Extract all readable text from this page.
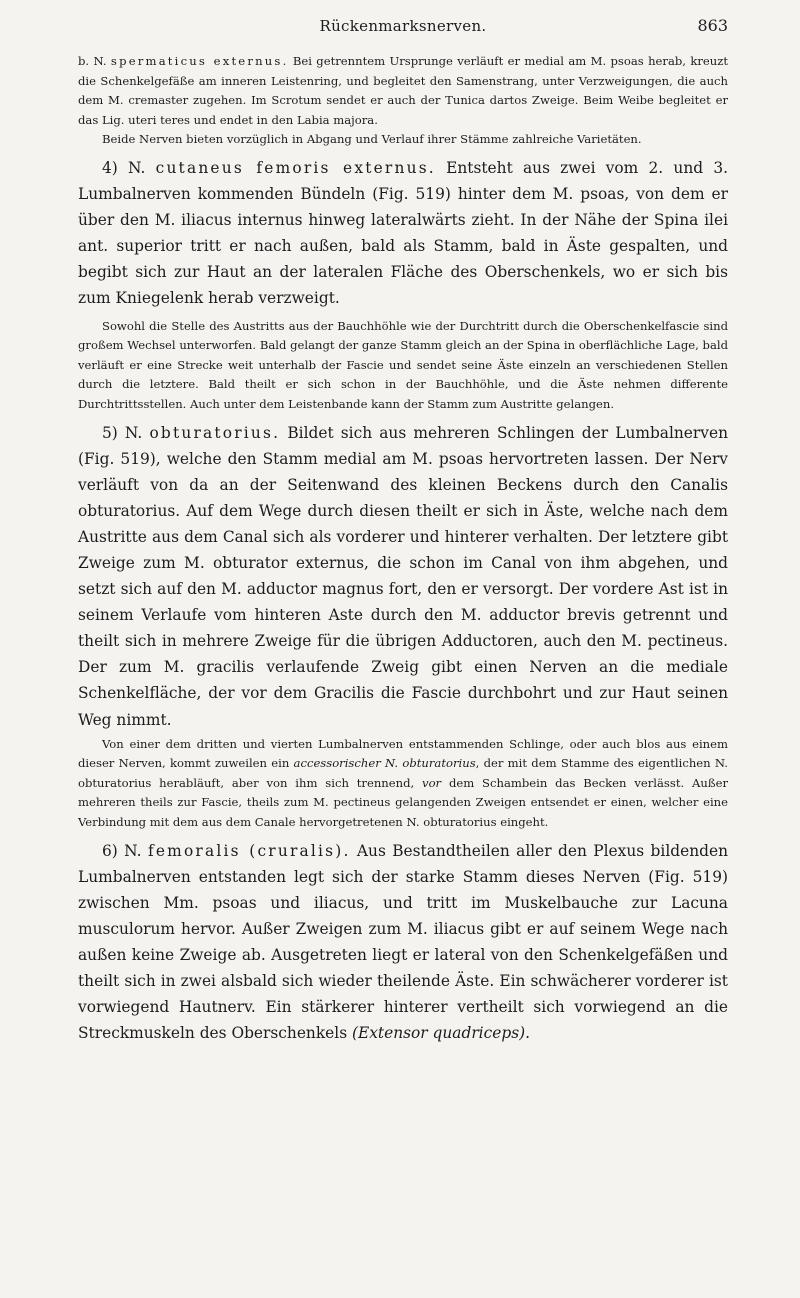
Rückenmarksnerven.	863

b. N. spermaticus externus. Bei getrenntem Ursprunge verläuft er medial am M. psoas herab, kreuzt die Schenkelgefäße am inneren Leistenring, und begleitet den Samenstrang, unter Verzweigungen, die auch dem M. cremaster zugehen. Im Scrotum sendet er auch der Tunica dartos Zweige. Beim Weibe begleitet er das Lig. uteri teres und endet in den Labia majora.

Beide Nerven bieten vorzüglich in Abgang und Verlauf ihrer Stämme zahlreiche Varietäten.

4) N. cutaneus femoris externus. Entsteht aus zwei vom 2. und 3. Lumbalnerven kommenden Bündeln (Fig. 519) hinter dem M. psoas, von dem er über den M. iliacus internus hinweg lateralwärts zieht. In der Nähe der Spina ilei ant. superior tritt er nach außen, bald als Stamm, bald in Äste gespalten, und begibt sich zur Haut an der lateralen Fläche des Oberschenkels, wo er sich bis zum Kniegelenk herab verzweigt.

Sowohl die Stelle des Austritts aus der Bauchhöhle wie der Durchtritt durch die Oberschenkelfascie sind großem Wechsel unterworfen. Bald gelangt der ganze Stamm gleich an der Spina in oberflächliche Lage, bald verläuft er eine Strecke weit unterhalb der Fascie und sendet seine Äste einzeln an verschiedenen Stellen durch die letztere. Bald theilt er sich schon in der Bauchhöhle, und die Äste nehmen differente Durchtrittsstellen. Auch unter dem Leistenbande kann der Stamm zum Austritte gelangen.

5) N. obturatorius. Bildet sich aus mehreren Schlingen der Lumbalnerven (Fig. 519), welche den Stamm medial am M. psoas hervortreten lassen. Der Nerv verläuft von da an der Seitenwand des kleinen Beckens durch den Canalis obturatorius. Auf dem Wege durch diesen theilt er sich in Äste, welche nach dem Austritte aus dem Canal sich als vorderer und hinterer verhalten. Der letztere gibt Zweige zum M. obturator externus, die schon im Canal von ihm abgehen, und setzt sich auf den M. adductor magnus fort, den er versorgt. Der vordere Ast ist in seinem Verlaufe vom hinteren Aste durch den M. adductor brevis getrennt und theilt sich in mehrere Zweige für die übrigen Adductoren, auch den M. pectineus. Der zum M. gracilis verlaufende Zweig gibt einen Nerven an die mediale Schenkelfläche, der vor dem Gracilis die Fascie durchbohrt und zur Haut seinen Weg nimmt.

Von einer dem dritten und vierten Lumbalnerven entstammenden Schlinge, oder auch blos aus einem dieser Nerven, kommt zuweilen ein accessorischer N. obturatorius, der mit dem Stamme des eigentlichen N. obturatorius herabläuft, aber von ihm sich trennend, vor dem Schambein das Becken verlässt. Außer mehreren theils zur Fascie, theils zum M. pectineus gelangenden Zweigen entsendet er einen, welcher eine Verbindung mit dem aus dem Canale hervorgetretenen N. obturatorius eingeht.

6) N. femoralis (cruralis). Aus Bestandtheilen aller den Plexus bildenden Lumbalnerven entstanden legt sich der starke Stamm dieses Nerven (Fig. 519) zwischen Mm. psoas und iliacus, und tritt im Muskelbauche zur Lacuna musculorum hervor. Außer Zweigen zum M. iliacus gibt er auf seinem Wege nach außen keine Zweige ab. Ausgetreten liegt er lateral von den Schenkelgefäßen und theilt sich in zwei alsbald sich wieder theilende Äste. Ein schwächerer vorderer ist vorwiegend Hautnerv. Ein stärkerer hinterer vertheilt sich vorwiegend an die Streckmuskeln des Oberschenkels (Extensor quadriceps).
